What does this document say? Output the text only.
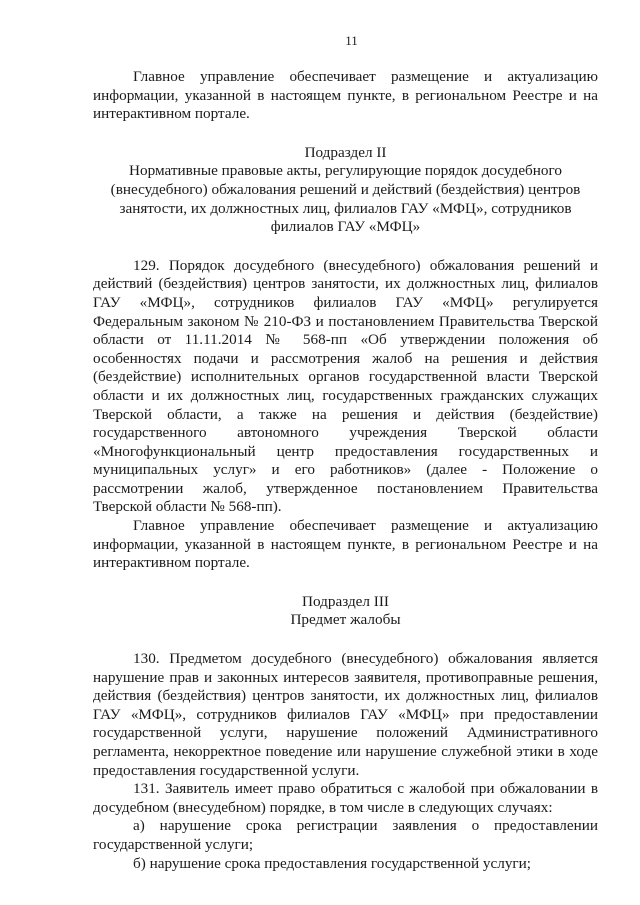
11

Главное управление обеспечивает размещение и актуализацию информации, указанной в настоящем пункте, в региональном Реестре и на интерактивном портале.

Подраздел II
Нормативные правовые акты, регулирующие порядок досудебного (внесудебного) обжалования решений и действий (бездействия) центров занятости, их должностных лиц, филиалов ГАУ «МФЦ», сотрудников филиалов ГАУ «МФЦ»

129. Порядок досудебного (внесудебного) обжалования решений и действий (бездействия) центров занятости, их должностных лиц, филиалов ГАУ «МФЦ», сотрудников филиалов ГАУ «МФЦ» регулируется Федеральным законом № 210-ФЗ и постановлением Правительства Тверской области от 11.11.2014 № 568-пп «Об утверждении положения об особенностях подачи и рассмотрения жалоб на решения и действия (бездействие) исполнительных органов государственной власти Тверской области и их должностных лиц, государственных гражданских служащих Тверской области, а также на решения и действия (бездействие) государственного автономного учреждения Тверской области «Многофункциональный центр предоставления государственных и муниципальных услуг» и его работников» (далее - Положение о рассмотрении жалоб, утвержденное постановлением Правительства Тверской области № 568-пп).

Главное управление обеспечивает размещение и актуализацию информации, указанной в настоящем пункте, в региональном Реестре и на интерактивном портале.

Подраздел III
Предмет жалобы

130. Предметом досудебного (внесудебного) обжалования является нарушение прав и законных интересов заявителя, противоправные решения, действия (бездействия) центров занятости, их должностных лиц, филиалов ГАУ «МФЦ», сотрудников филиалов ГАУ «МФЦ» при предоставлении государственной услуги, нарушение положений Административного регламента, некорректное поведение или нарушение служебной этики в ходе предоставления государственной услуги.

131. Заявитель имеет право обратиться с жалобой при обжаловании в досудебном (внесудебном) порядке, в том числе в следующих случаях:

а) нарушение срока регистрации заявления о предоставлении государственной услуги;

б) нарушение срока предоставления государственной услуги;
